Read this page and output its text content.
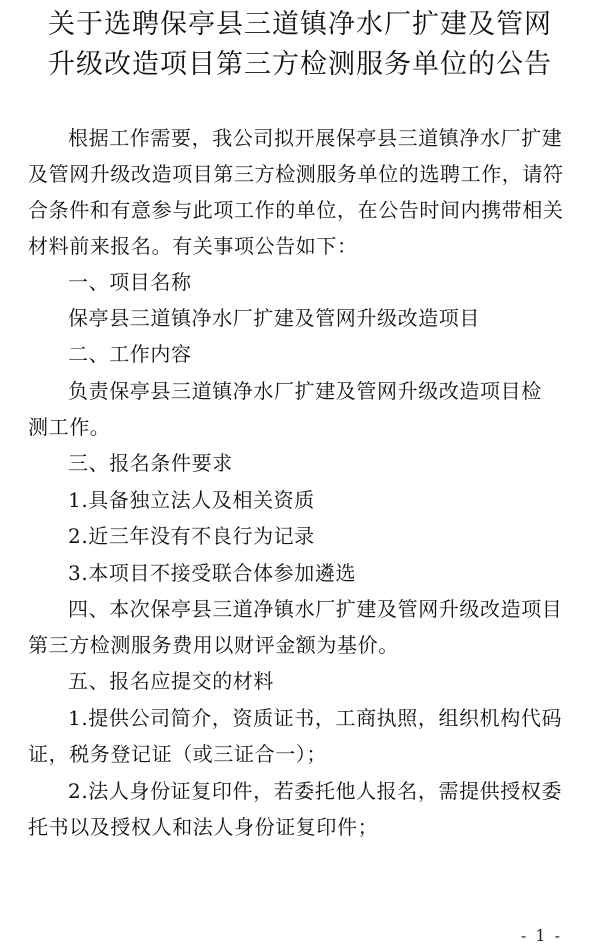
关于选聘保亭县三道镇净水厂扩建及管网
升级改造项目第三方检测服务单位的公告
根据工作需要，我公司拟开展保亭县三道镇净水厂扩建
及管网升级改造项目第三方检测服务单位的选聘工作，请符
合条件和有意参与此项工作的单位，在公告时间内携带相关
材料前来报名。有关事项公告如下：
一、项目名称
保亭县三道镇净水厂扩建及管网升级改造项目
二、工作内容
负责保亭县三道镇净水厂扩建及管网升级改造项目检
测工作。
三、报名条件要求
1.具备独立法人及相关资质
2.近三年没有不良行为记录
3.本项目不接受联合体参加遴选
四、本次保亭县三道净镇水厂扩建及管网升级改造项目
第三方检测服务费用以财评金额为基价。
五、报名应提交的材料
1.提供公司简介，资质证书，工商执照，组织机构代码
证，税务登记证（或三证合一）；
2.法人身份证复印件，若委托他人报名，需提供授权委
托书以及授权人和法人身份证复印件；
- 1 -
